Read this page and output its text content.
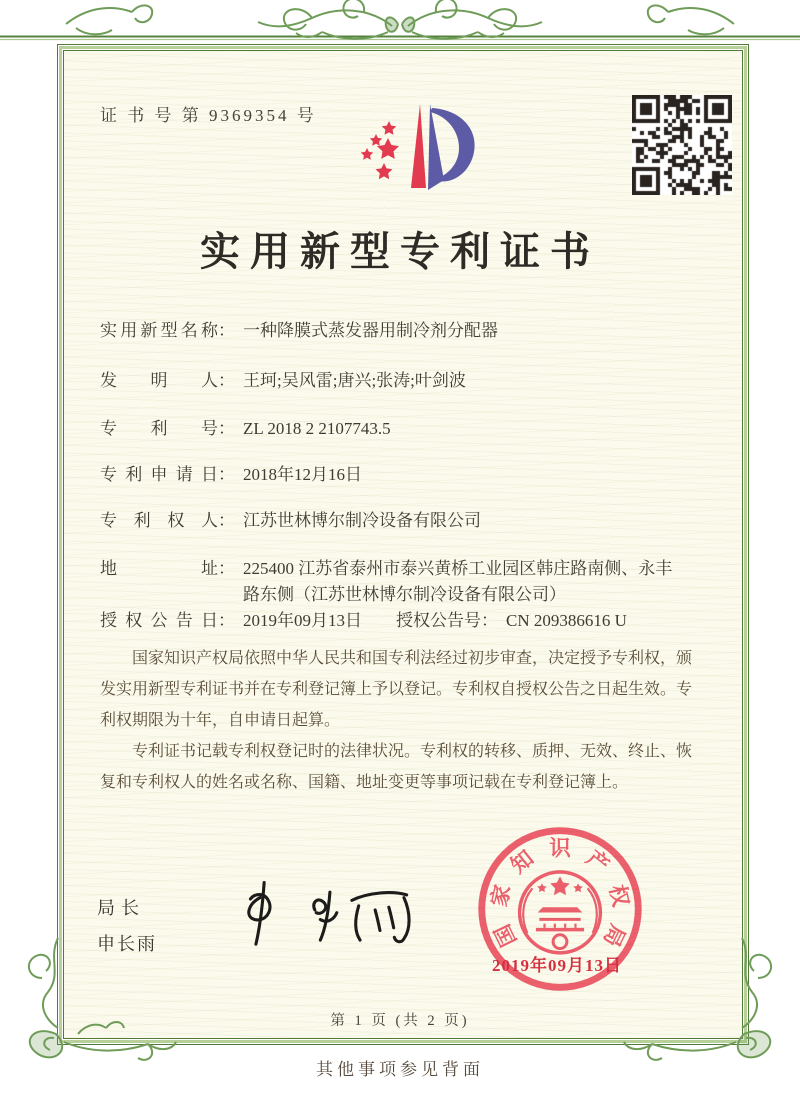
证 书 号 第 9369354 号
实用新型专利证书
实用新型名称 ： 一种降膜式蒸发器用制冷剂分配器
发明人 ： 王珂;吴风雷;唐兴;张涛;叶剑波
专利号 ： ZL 2018 2 2107743.5
专利申请日 ： 2018年12月16日
专利权人 ： 江苏世林博尔制冷设备有限公司
地址 ： 225400 江苏省泰州市泰兴黄桥工业园区韩庄路南侧、永丰路东侧（江苏世林博尔制冷设备有限公司）
授权公告日 ： 2019年09月13日 授权公告号 ： CN 209386616 U

国家知识产权局依照中华人民共和国专利法经过初步审查，决定授予专利权，颁发实用新型专利证书并在专利登记簿上予以登记。专利权自授权公告之日起生效。专利权期限为十年，自申请日起算。

专利证书记载专利权登记时的法律状况。专利权的转移、质押、无效、终止、恢复和专利权人的姓名或名称、国籍、地址变更等事项记载在专利登记簿上。

局长
申长雨	国
家
知 识 产
权
局
2019年09月13日
第 1 页 (共 2 页)
其他事项参见背面
